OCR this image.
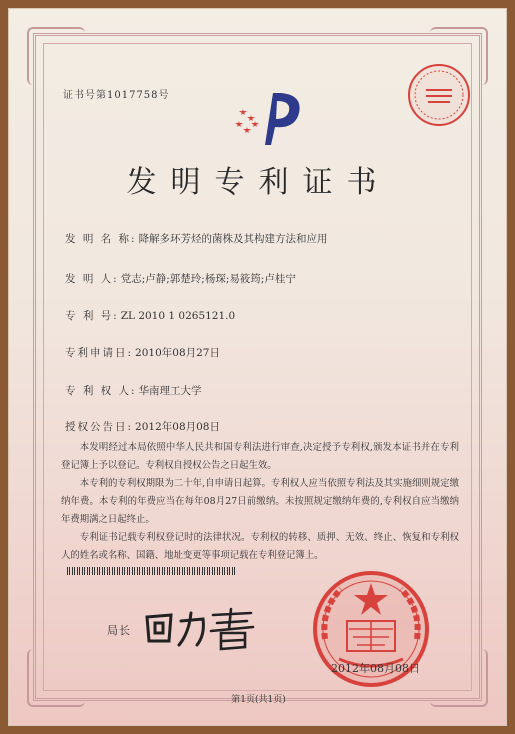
证书号第1017758号
发明专利证书
发 明 名 称: 降解多环芳烃的菌株及其构建方法和应用
发 明 人: 党志;卢静;郭楚玲;杨琛;易筱筠;卢桂宁
专 利 号: ZL 2010 1 0265121.0
专利申请日: 2010年08月27日
专 利 权 人: 华南理工大学
授权公告日: 2012年08月08日

本发明经过本局依照中华人民共和国专利法进行审查,决定授予专利权,颁发本证书并在专利登记簿上予以登记。专利权自授权公告之日起生效。

本专利的专利权期限为二十年,自申请日起算。专利权人应当依照专利法及其实施细则规定缴纳年费。本专利的年费应当在每年08月27日前缴纳。未按照规定缴纳年费的,专利权自应当缴纳年费期满之日起终止。

专利证书记载专利权登记时的法律状况。专利权的转移、质押、无效、终止、恢复和专利权人的姓名或名称、国籍、地址变更等事项记载在专利登记簿上。

局长
2012年08月08日
第1页(共1页)
